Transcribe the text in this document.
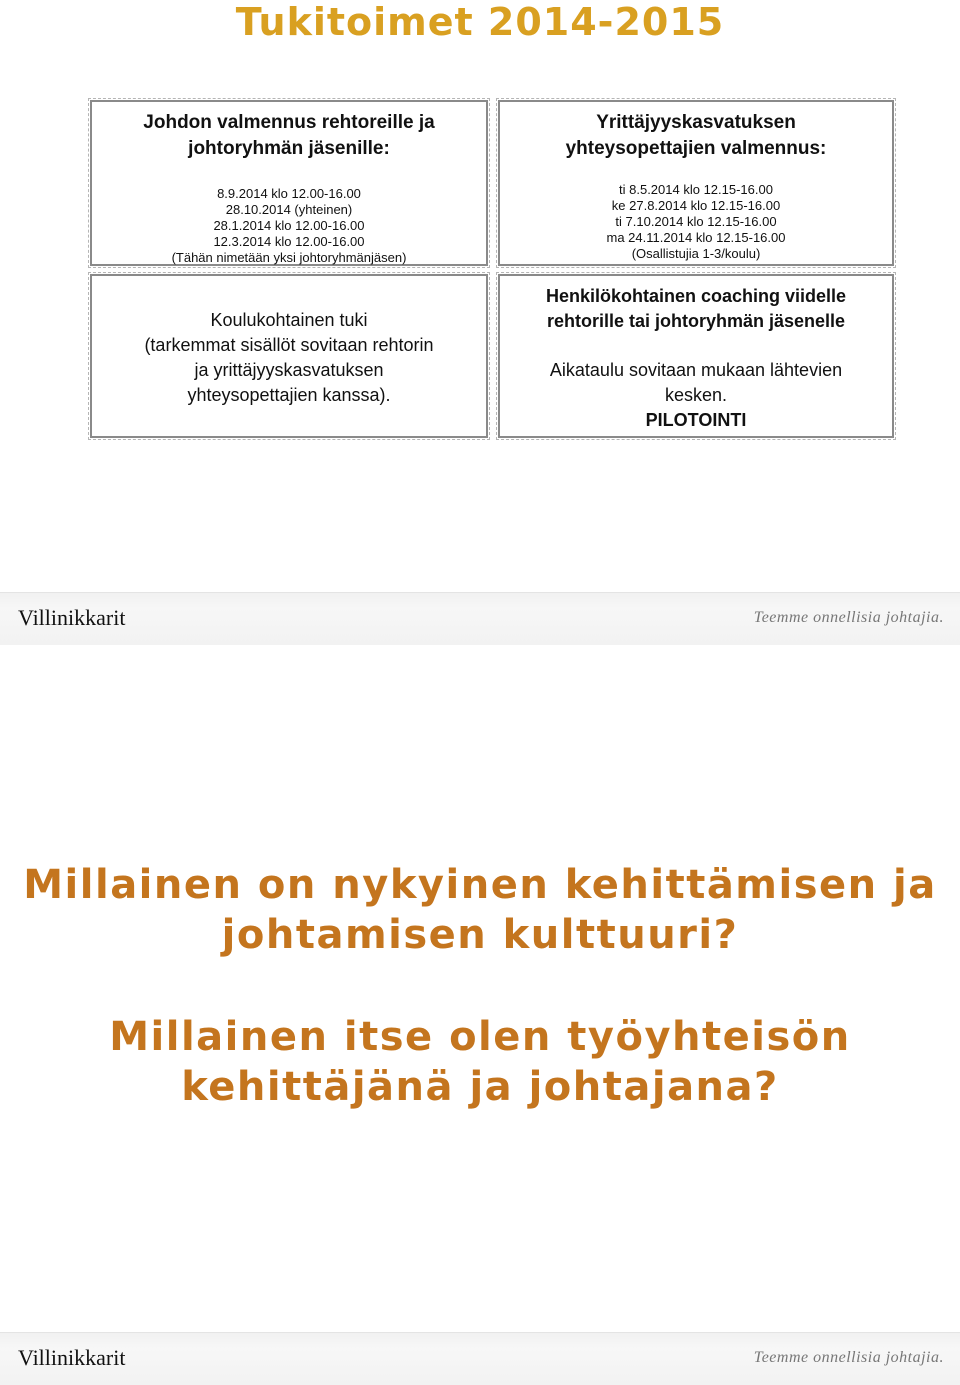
Tukitoimet 2014-2015
Johdon valmennus rehtoreille ja
johtoryhmän jäsenille:
8.9.2014 klo 12.00-16.00
28.10.2014 (yhteinen)
28.1.2014 klo 12.00-16.00
12.3.2014 klo 12.00-16.00
(Tähän nimetään yksi johtoryhmänjäsen)
Yrittäjyyskasvatuksen
yhteysopettajien valmennus:
ti 8.5.2014 klo 12.15-16.00
ke 27.8.2014 klo 12.15-16.00
ti 7.10.2014 klo 12.15-16.00
ma 24.11.2014 klo 12.15-16.00
(Osallistujia 1-3/koulu)
Koulukohtainen tuki
(tarkemmat sisällöt sovitaan rehtorin
ja yrittäjyyskasvatuksen
yhteysopettajien kanssa).
Henkilökohtainen coaching viidelle
rehtorille tai johtoryhmän jäsenelle
Aikataulu sovitaan mukaan lähtevien
kesken.
PILOTOINTI
Villinikkarit	Teemme onnellisia johtajia.
Millainen on nykyinen kehittämisen ja
johtamisen kulttuuri?
Millainen itse olen työyhteisön
kehittäjänä ja johtajana?
Villinikkarit	Teemme onnellisia johtajia.
